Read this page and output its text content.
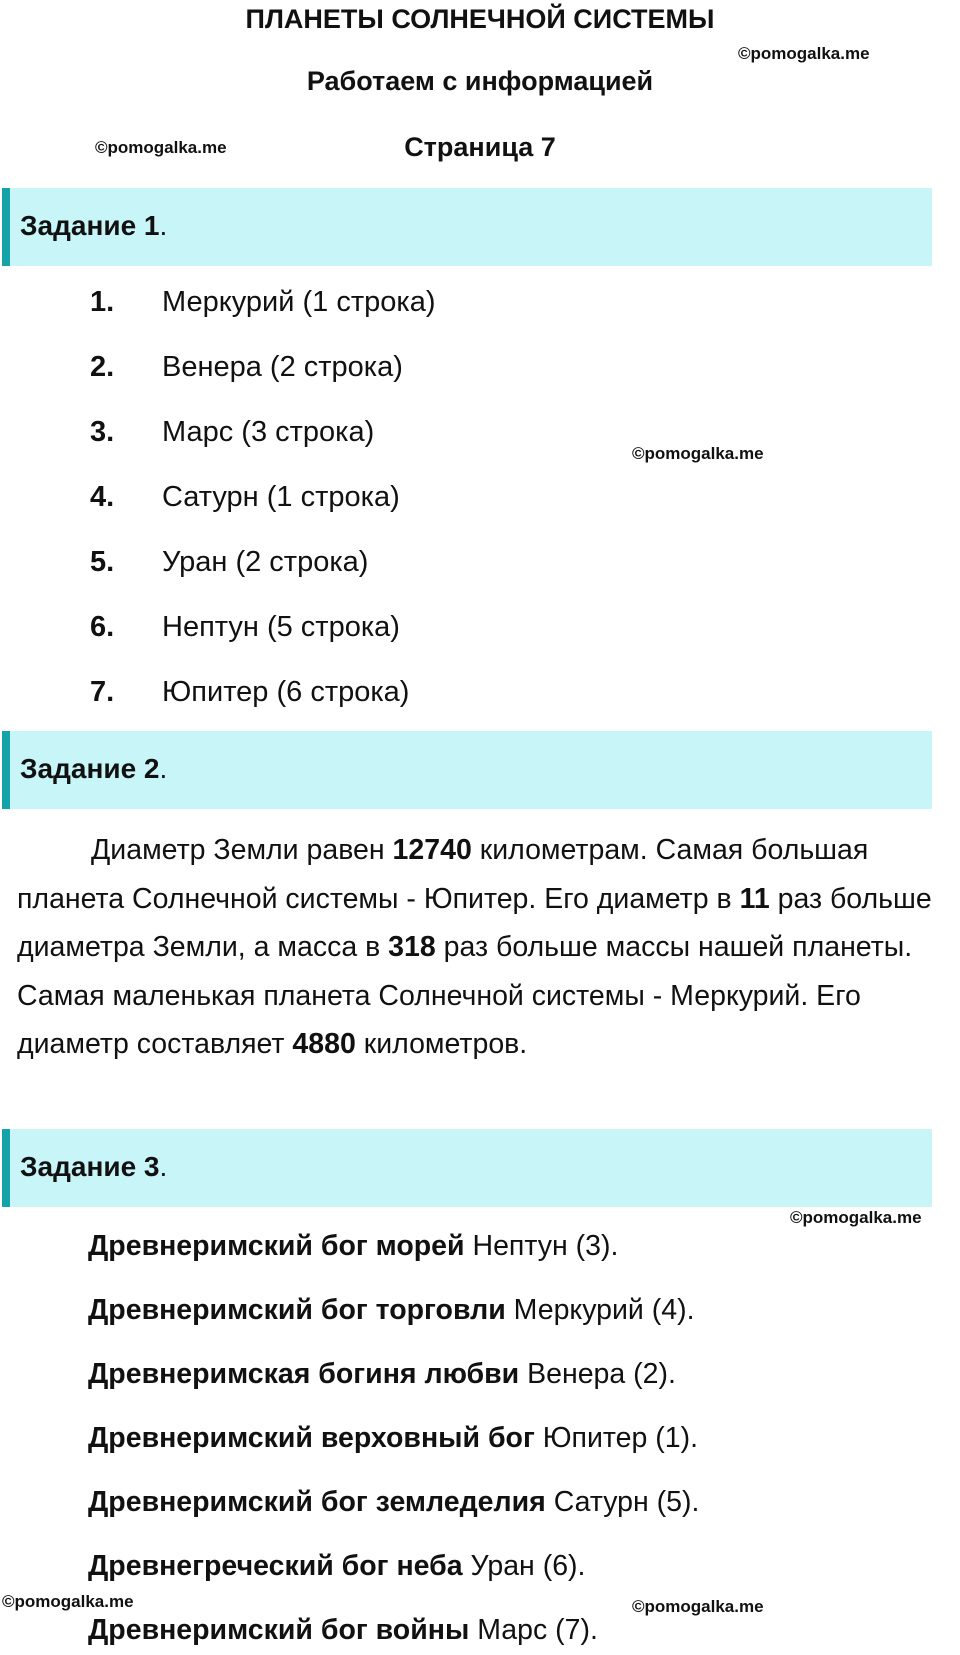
ПЛАНЕТЫ СОЛНЕЧНОЙ СИСТЕМЫ
Работаем с информацией
Страница 7
©pomogalka.me
©pomogalka.me
©pomogalka.me
©pomogalka.me
©pomogalka.me	©pomogalka.me
Задание 1.
1. Меркурий (1 строка)
2. Венера (2 строка)
3. Марс (3 строка)
4. Сатурн (1 строка)
5. Уран (2 строка)
6. Нептун (5 строка)
7. Юпитер (6 строка)
Задание 2.
Диаметр Земли равен 12740 километрам. Самая большая планета Солнечной системы - Юпитер. Его диаметр в 11 раз больше диаметра Земли, а масса в 318 раз больше массы нашей планеты. Самая маленькая планета Солнечной системы - Меркурий. Его диаметр составляет 4880 километров.
Задание 3.
Древнеримский бог морей Нептун (3).
Древнеримский бог торговли Меркурий (4).
Древнеримская богиня любви Венера (2).
Древнеримский верховный бог Юпитер (1).
Древнеримский бог земледелия Сатурн (5).
Древнегреческий бог неба Уран (6).
Древнеримский бог войны Марс (7).
